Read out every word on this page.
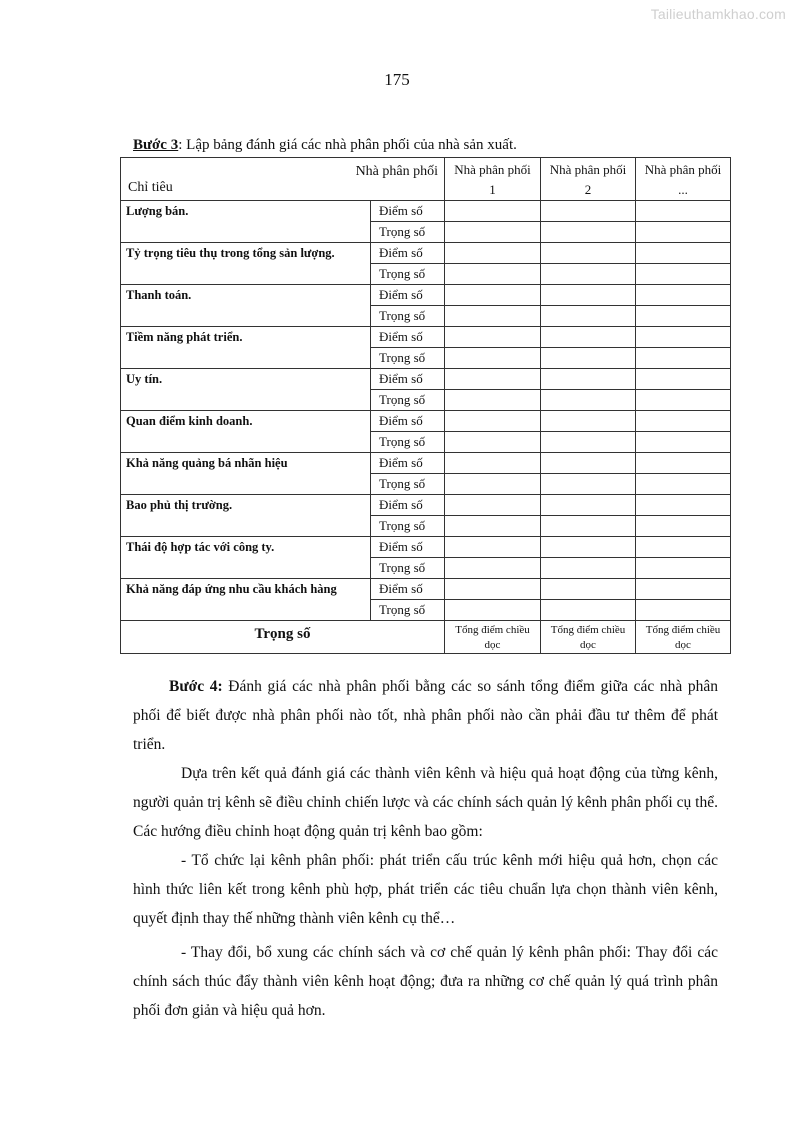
Tailieuthamkhao.com
175
Bước 3: Lập bảng đánh giá các nhà phân phối của nhà sản xuất.
Nhà phân phối
Chỉ tiêu		Nhà phân phối 1	Nhà phân phối 2	Nhà phân phối ...
Lượng bán.	Điểm số			
	Trọng số			
Tỷ trọng tiêu thụ trong tổng sản lượng.	Điểm số			
	Trọng số			
Thanh toán.	Điểm số			
	Trọng số			
Tiềm năng phát triển.	Điểm số			
	Trọng số			
Uy tín.	Điểm số			
	Trọng số			
Quan điểm kinh doanh.	Điểm số			
	Trọng số			
Khả năng quảng bá nhãn hiệu	Điểm số			
	Trọng số			
Bao phủ thị trường.	Điểm số			
	Trọng số			
Thái độ hợp tác với công ty.	Điểm số			
	Trọng số			
Khả năng đáp ứng nhu cầu khách hàng	Điểm số			
	Trọng số			
Trọng số		Tổng điểm chiều dọc	Tổng điểm chiều dọc	Tổng điểm chiều dọc

Bước 4: Đánh giá các nhà phân phối bằng các so sánh tổng điểm giữa các nhà phân phối để biết được nhà phân phối nào tốt, nhà phân phối nào cần phải đầu tư thêm để phát triển.

Dựa trên kết quả đánh giá các thành viên kênh và hiệu quả hoạt động của từng kênh, người quản trị kênh sẽ điều chỉnh chiến lược và các chính sách quản lý kênh phân phối cụ thể. Các hướng điều chỉnh hoạt động quản trị kênh bao gồm:

- Tổ chức lại kênh phân phối: phát triển cấu trúc kênh mới hiệu quả hơn, chọn các hình thức liên kết trong kênh phù hợp, phát triển các tiêu chuẩn lựa chọn thành viên kênh, quyết định thay thế những thành viên kênh cụ thể…

- Thay đổi, bổ xung các chính sách và cơ chế quản lý kênh phân phối: Thay đổi các chính sách thúc đẩy thành viên kênh hoạt động; đưa ra những cơ chế quản lý quá trình phân phối đơn giản và hiệu quả hơn.
